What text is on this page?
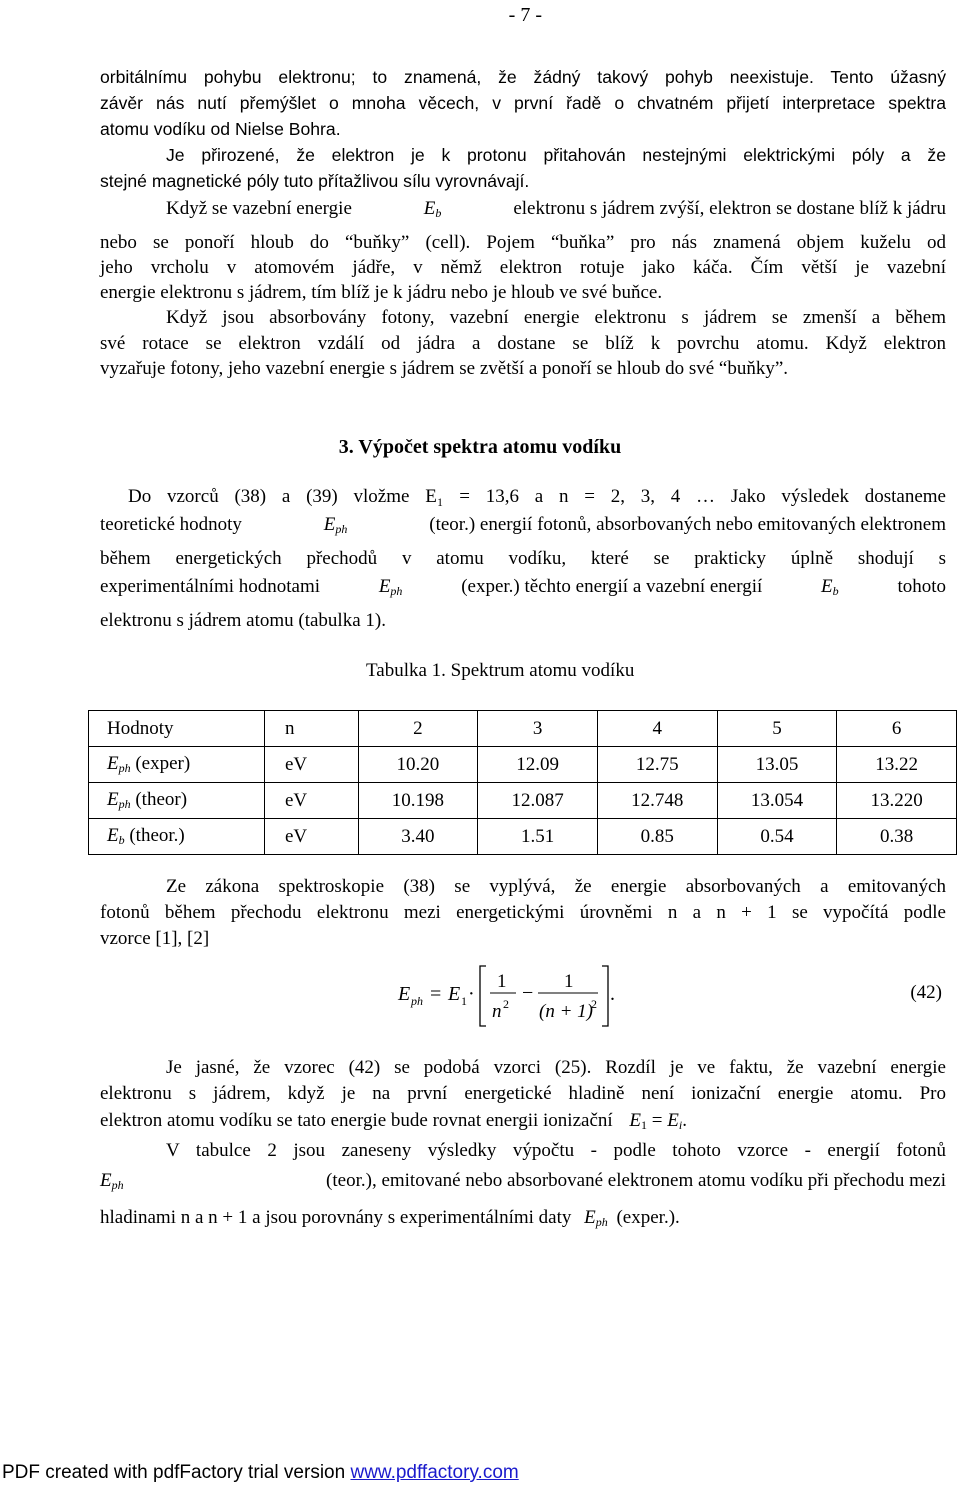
- 7 -
orbitálnímu pohybu elektronu; to znamená, že žádný takový pohyb neexistuje. Tento úžasný
závěr nás nutí přemýšlet o mnoha věcech, v první řadě o chvatném přijetí interpretace spektra
atomu vodíku od Nielse Bohra.
Je přirozené, že elektron je k protonu přitahován nestejnými elektrickými póly a že
stejné magnetické póly tuto přítažlivou sílu vyrovnávají.
Když se vazební energie	$E_b$	elektronu s jádrem zvýší, elektron se dostane blíž k jádru
nebo se ponoří hloub do “buňky” (cell). Pojem “buňka” pro nás znamená objem kuželu od
jeho vrcholu v atomovém jádře, v němž elektron rotuje jako káča. Čím větší je vazební
energie elektronu s jádrem, tím blíž je k jádru nebo je hloub ve své buňce.
Když jsou absorbovány fotony, vazební energie elektronu s jádrem se zmenší a během
své rotace se elektron vzdálí od jádra a dostane se blíž k povrchu atomu. Když elektron
vyzařuje fotony, jeho vazební energie s jádrem se zvětší a ponoří se hloub do své “buňky”.
3. Výpočet spektra atomu vodíku
Do vzorců (38) a (39) vložme E₁ = 13,6 a n = 2, 3, 4 … Jako výsledek dostaneme
teoretické hodnoty	$E_{ph}$	(teor.) energií fotonů, absorbovaných nebo emitovaných elektronem
během energetických přechodů v atomu vodíku, které se prakticky úplně shodují s
experimentálními hodnotami	$E_{ph}$	(exper.) těchto energií a vazební energií	$E_b$	tohoto
elektronu s jádrem atomu (tabulka 1).
Tabulka 1. Spektrum atomu vodíku
Hodnoty	n	2	3	4	5	6
$E_{ph}$ (exper)	eV	10.20	12.09	12.75	13.05	13.22
$E_{ph}$ (theor)	eV	10.198	12.087	12.748	13.054	13.220
$E_b$ (theor.)	eV	3.40	1.51	0.85	0.54	0.38
Ze zákona spektroskopie (38) se vyplývá, že energie absorbovaných a emitovaných
fotonů během přechodu elektronu mezi energetickými úrovněmi n a n + 1 se vypočítá podle
vzorce [1], [2]
E ph = E 1 ·
1
n 2 −
1
(n + 1)
2 .	(42)
Je jasné, že vzorec (42) se podobá vzorci (25). Rozdíl je ve faktu, že vazební energie
elektronu s jádrem, když je na první energetické hladině není ionizační energie atomu. Pro
elektron atomu vodíku se tato energie bude rovnat energii ionizační $E_1 = E_i$.
V tabulce 2 jsou zaneseny výsledky výpočtu - podle tohoto vzorce - energií fotonů
$E_{ph}$	(teor.), emitované nebo absorbované elektronem atomu vodíku při přechodu mezi
hladinami n a n + 1 a jsou porovnány s experimentálními daty $E_{ph}$ (exper.).
PDF created with pdfFactory trial version www.pdffactory.com
